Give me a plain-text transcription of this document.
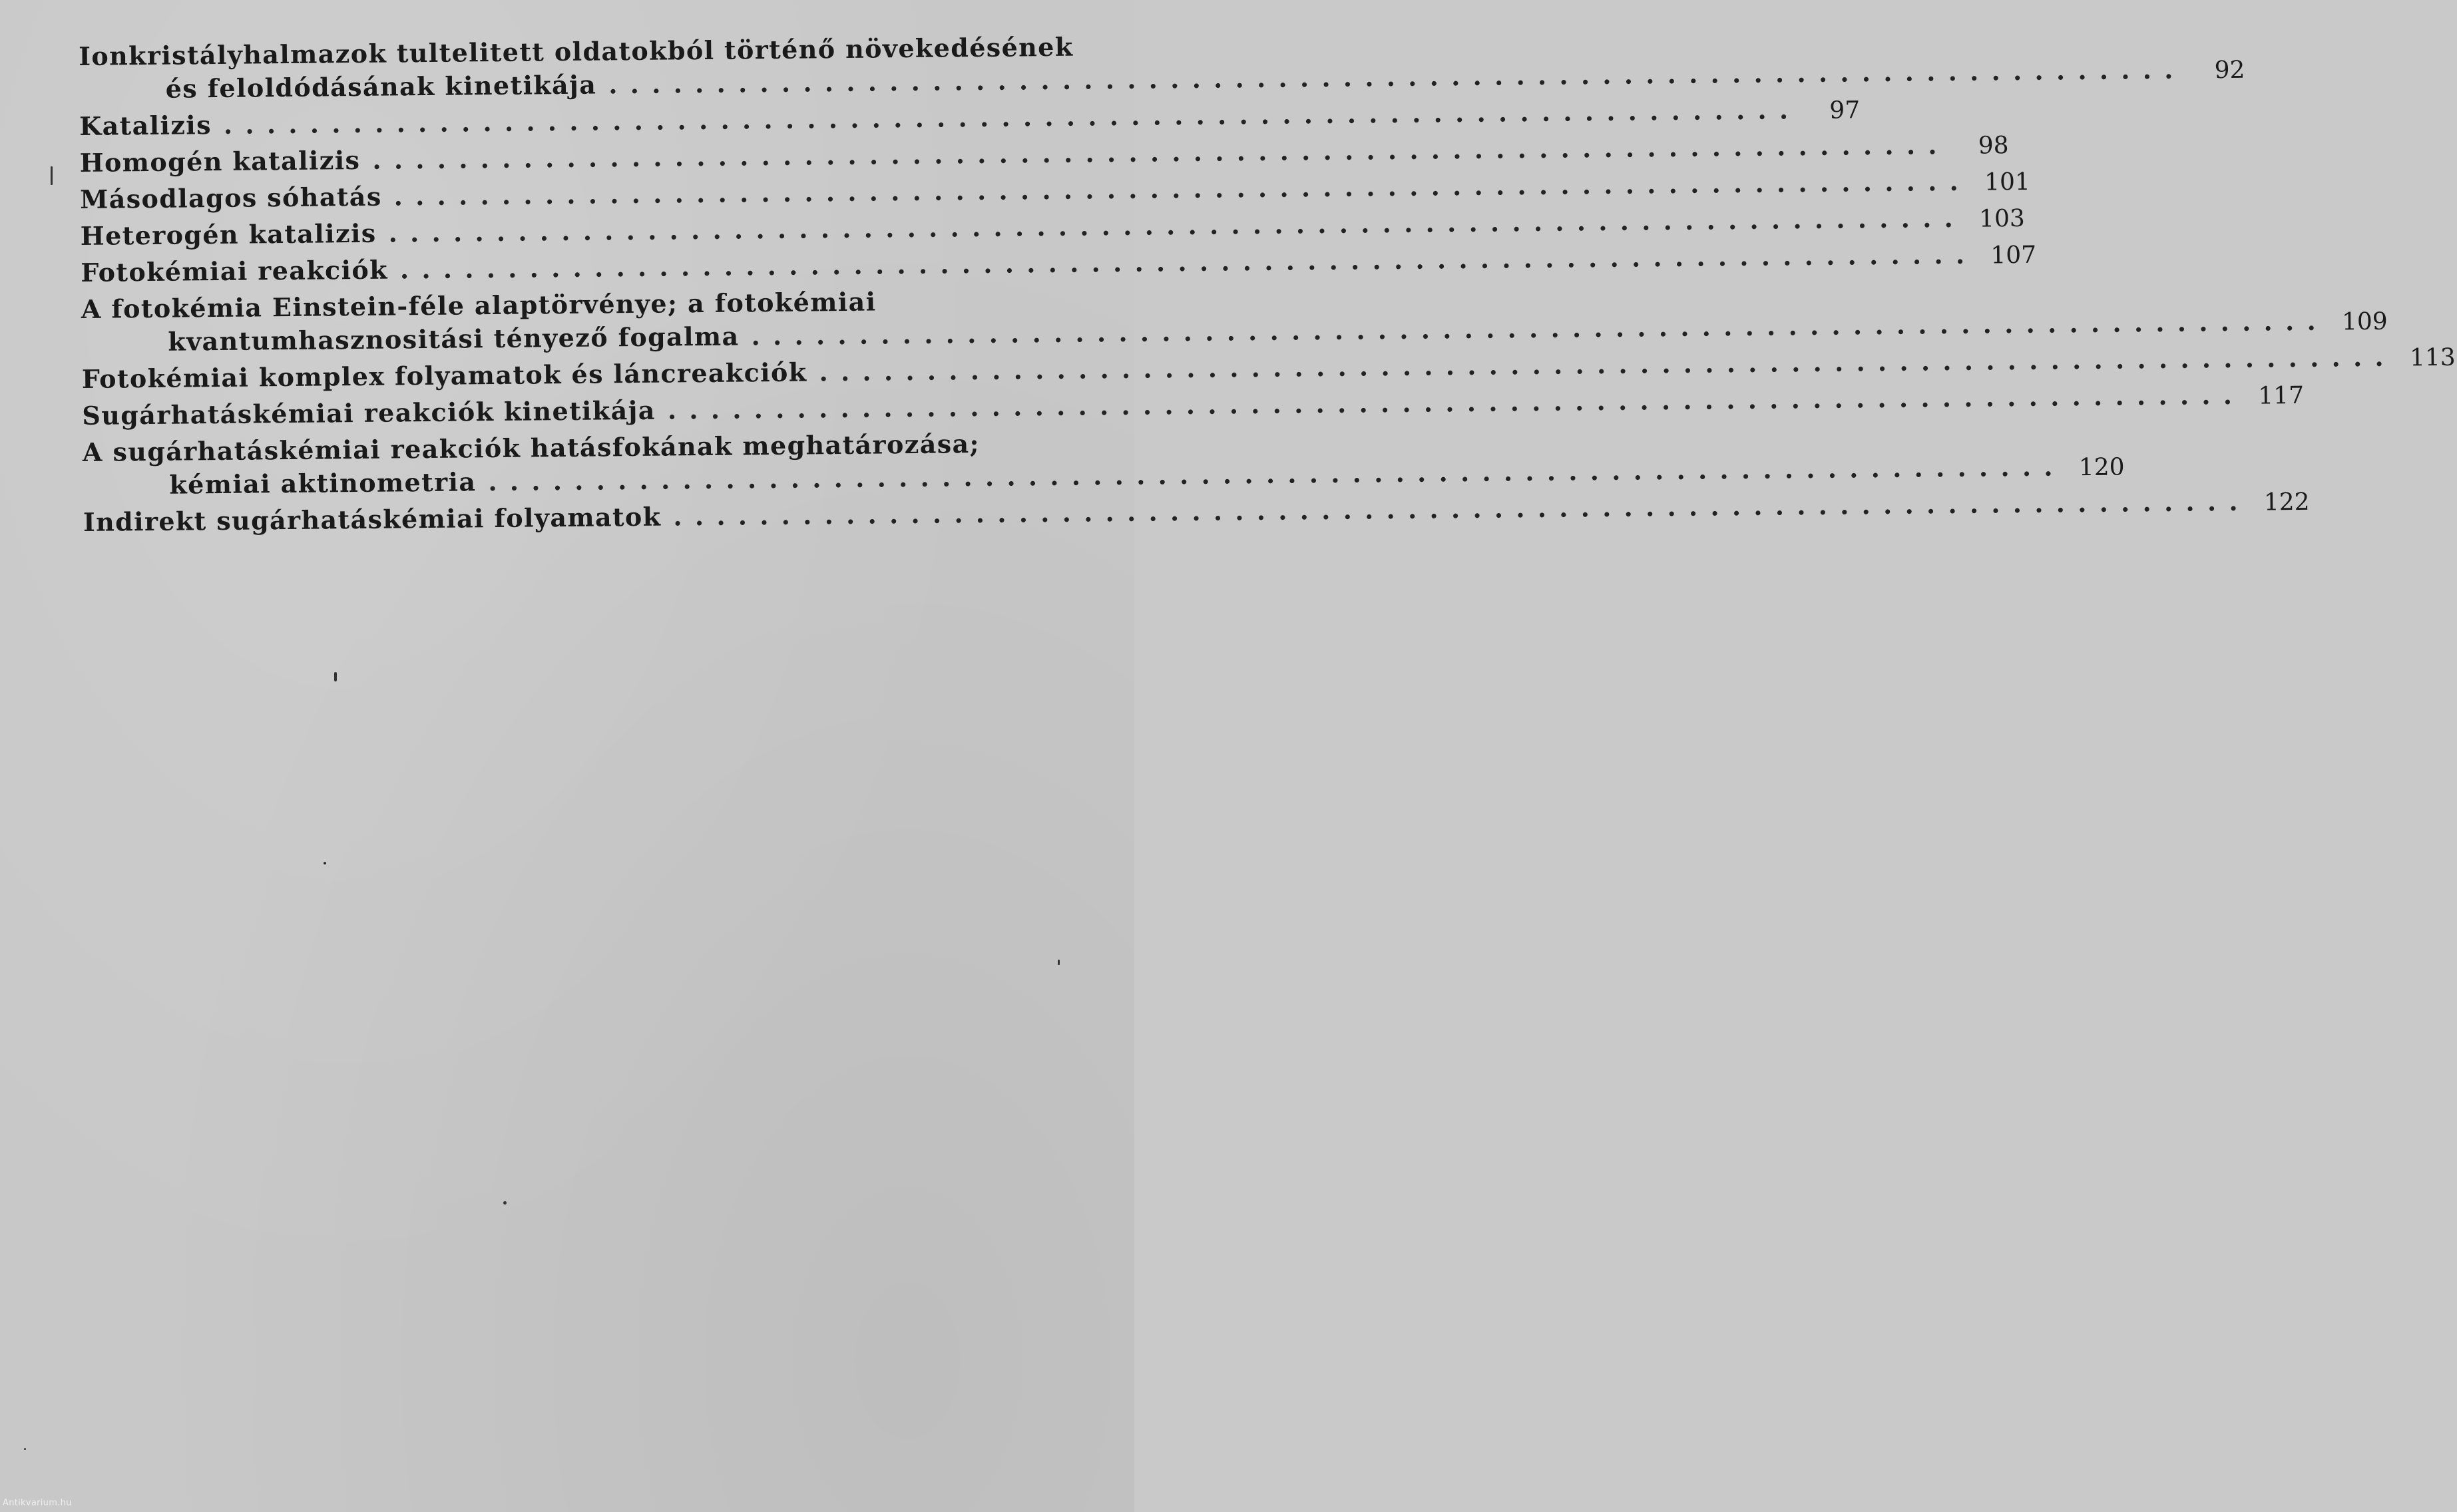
Ionkristályhalmazok tultelitett oldatokból történő növekedésének
és feloldódásának kinetikája . . .	92
Katalizis . . .	97
Homogén katalizis . . .	98
Másodlagos sóhatás . . .	101
Heterogén katalizis . . .	103
Fotokémiai reakciók . . .	107
A fotokémia Einstein-féle alaptörvénye; a fotokémiai
kvantumhasznositási tényező fogalma . . .	109
Fotokémiai komplex folyamatok és láncreakciók . . .	113
Sugárhatáskémiai reakciók kinetikája . . .	117
A sugárhatáskémiai reakciók hatásfokának meghatározása;
kémiai aktinometria . . .	120
Indirekt sugárhatáskémiai folyamatok . . .	122
Antikvarium.hu
